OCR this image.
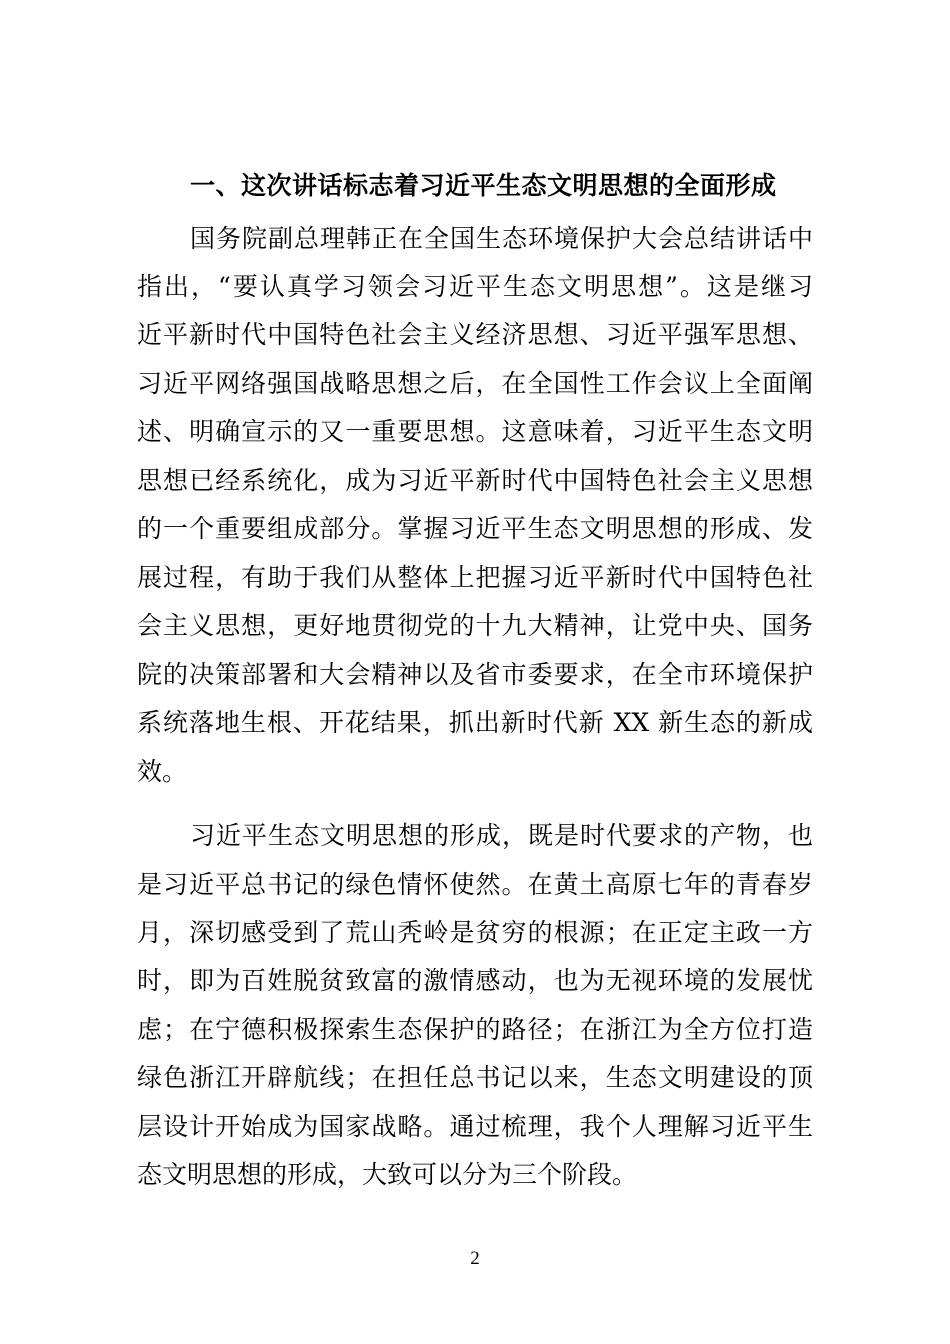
一、这次讲话标志着习近平生态文明思想的全面形成
国务院副总理韩正在全国生态环境保护大会总结讲话中
指出，“要认真学习领会习近平生态文明思想”。这是继习
近平新时代中国特色社会主义经济思想、习近平强军思想、
习近平网络强国战略思想之后，在全国性工作会议上全面阐
述、明确宣示的又一重要思想。这意味着，习近平生态文明
思想已经系统化，成为习近平新时代中国特色社会主义思想
的一个重要组成部分。掌握习近平生态文明思想的形成、发
展过程，有助于我们从整体上把握习近平新时代中国特色社
会主义思想，更好地贯彻党的十九大精神，让党中央、国务
院的决策部署和大会精神以及省市委要求，在全市环境保护
系统落地生根、开花结果，抓出新时代新 XX 新生态的新成
效。
习近平生态文明思想的形成，既是时代要求的产物，也
是习近平总书记的绿色情怀使然。在黄土高原七年的青春岁
月，深切感受到了荒山秃岭是贫穷的根源；在正定主政一方
时，即为百姓脱贫致富的激情感动，也为无视环境的发展忧
虑；在宁德积极探索生态保护的路径；在浙江为全方位打造
绿色浙江开辟航线；在担任总书记以来，生态文明建设的顶
层设计开始成为国家战略。通过梳理，我个人理解习近平生
态文明思想的形成，大致可以分为三个阶段。
2
